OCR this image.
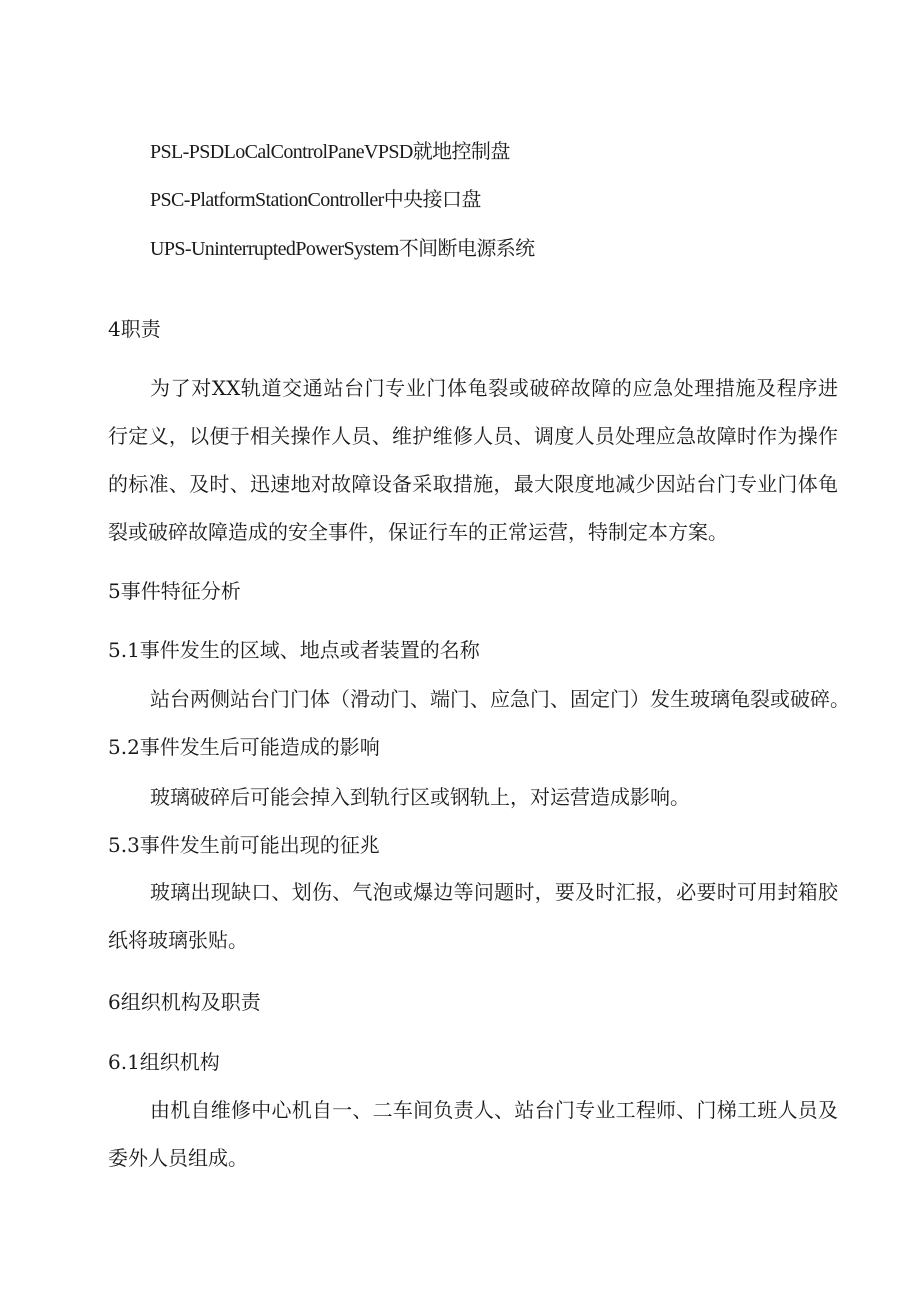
PSL-PSDLoCalControlPaneVPSD就地控制盘
PSC-PlatformStationController中央接口盘
UPS-UninterruptedPowerSystem不间断电源系统
4职责
为了对XX轨道交通站台门专业门体龟裂或破碎故障的应急处理措施及程序进行定义，以便于相关操作人员、维护维修人员、调度人员处理应急故障时作为操作的标准、及时、迅速地对故障设备采取措施，最大限度地减少因站台门专业门体龟裂或破碎故障造成的安全事件，保证行车的正常运营，特制定本方案。
5事件特征分析
5.1事件发生的区域、地点或者装置的名称
站台两侧站台门门体（滑动门、端门、应急门、固定门）发生玻璃龟裂或破碎。
5.2事件发生后可能造成的影响
玻璃破碎后可能会掉入到轨行区或钢轨上，对运营造成影响。
5.3事件发生前可能出现的征兆
玻璃出现缺口、划伤、气泡或爆边等问题时，要及时汇报，必要时可用封箱胶纸将玻璃张贴。
6组织机构及职责
6.1组织机构
由机自维修中心机自一、二车间负责人、站台门专业工程师、门梯工班人员及委外人员组成。
